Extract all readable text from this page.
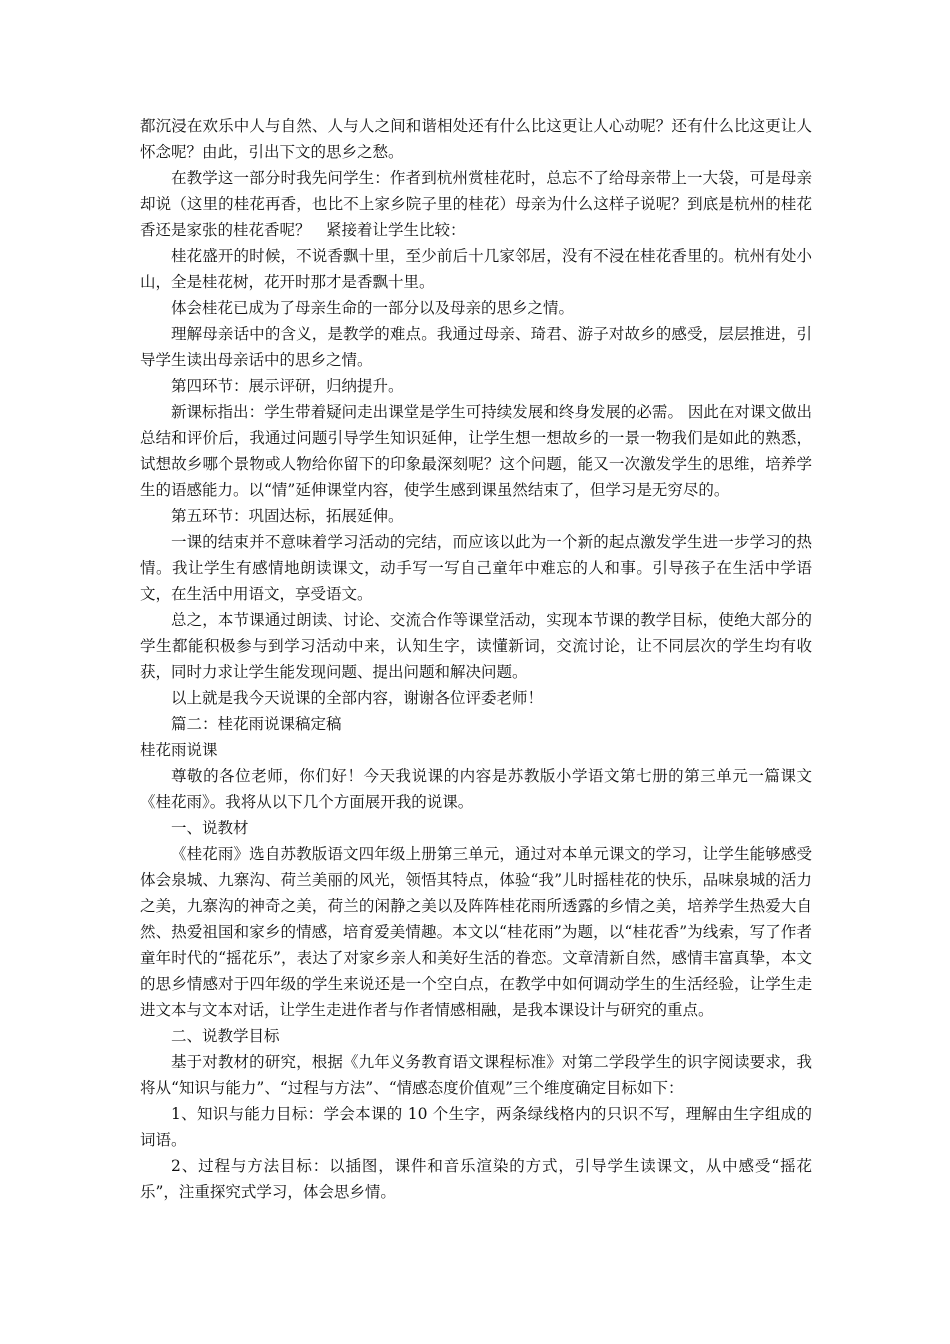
都沉浸在欢乐中人与自然、人与人之间和谐相处还有什么比这更让人心动呢？还有什么比这更让人怀念呢？由此，引出下文的思乡之愁。

在教学这一部分时我先问学生：作者到杭州赏桂花时，总忘不了给母亲带上一大袋，可是母亲却说（这里的桂花再香，也比不上家乡院子里的桂花）母亲为什么这样子说呢？到底是杭州的桂花香还是家张的桂花香呢？　紧接着让学生比较：

桂花盛开的时候，不说香飘十里，至少前后十几家邻居，没有不浸在桂花香里的。杭州有处小山，全是桂花树，花开时那才是香飘十里。

体会桂花已成为了母亲生命的一部分以及母亲的思乡之情。

理解母亲话中的含义，是教学的难点。我通过母亲、琦君、游子对故乡的感受，层层推进，引导学生读出母亲话中的思乡之情。

第四环节：展示评研，归纳提升。

新课标指出：学生带着疑问走出课堂是学生可持续发展和终身发展的必需。 因此在对课文做出总结和评价后，我通过问题引导学生知识延伸，让学生想一想故乡的一景一物我们是如此的熟悉，试想故乡哪个景物或人物给你留下的印象最深刻呢？这个问题，能又一次激发学生的思维，培养学生的语感能力。以“情”延伸课堂内容，使学生感到课虽然结束了，但学习是无穷尽的。

第五环节：巩固达标，拓展延伸。

一课的结束并不意味着学习活动的完结，而应该以此为一个新的起点激发学生进一步学习的热情。我让学生有感情地朗读课文，动手写一写自己童年中难忘的人和事。引导孩子在生活中学语文，在生活中用语文，享受语文。

总之，本节课通过朗读、讨论、交流合作等课堂活动，实现本节课的教学目标，使绝大部分的学生都能积极参与到学习活动中来，认知生字，读懂新词，交流讨论，让不同层次的学生均有收获，同时力求让学生能发现问题、提出问题和解决问题。

以上就是我今天说课的全部内容，谢谢各位评委老师！

篇二：桂花雨说课稿定稿

桂花雨说课

尊敬的各位老师，你们好！今天我说课的内容是苏教版小学语文第七册的第三单元一篇课文《桂花雨》。我将从以下几个方面展开我的说课。

一、说教材

《桂花雨》选自苏教版语文四年级上册第三单元，通过对本单元课文的学习，让学生能够感受体会泉城、九寨沟、荷兰美丽的风光，领悟其特点，体验“我”儿时摇桂花的快乐，品味泉城的活力之美，九寨沟的神奇之美，荷兰的闲静之美以及阵阵桂花雨所透露的乡情之美，培养学生热爱大自然、热爱祖国和家乡的情感，培育爱美情趣。本文以“桂花雨”为题，以“桂花香”为线索，写了作者童年时代的“摇花乐”，表达了对家乡亲人和美好生活的眷恋。文章清新自然，感情丰富真挚，本文的思乡情感对于四年级的学生来说还是一个空白点，在教学中如何调动学生的生活经验，让学生走进文本与文本对话，让学生走进作者与作者情感相融，是我本课设计与研究的重点。

二、说教学目标

基于对教材的研究，根据《九年义务教育语文课程标准》对第二学段学生的识字阅读要求，我将从“知识与能力”、“过程与方法”、“情感态度价值观”三个维度确定目标如下：

1、知识与能力目标：学会本课的 10 个生字，两条绿线格内的只识不写，理解由生字组成的词语。

2、过程与方法目标：以插图，课件和音乐渲染的方式，引导学生读课文，从中感受“摇花乐”，注重探究式学习，体会思乡情。
